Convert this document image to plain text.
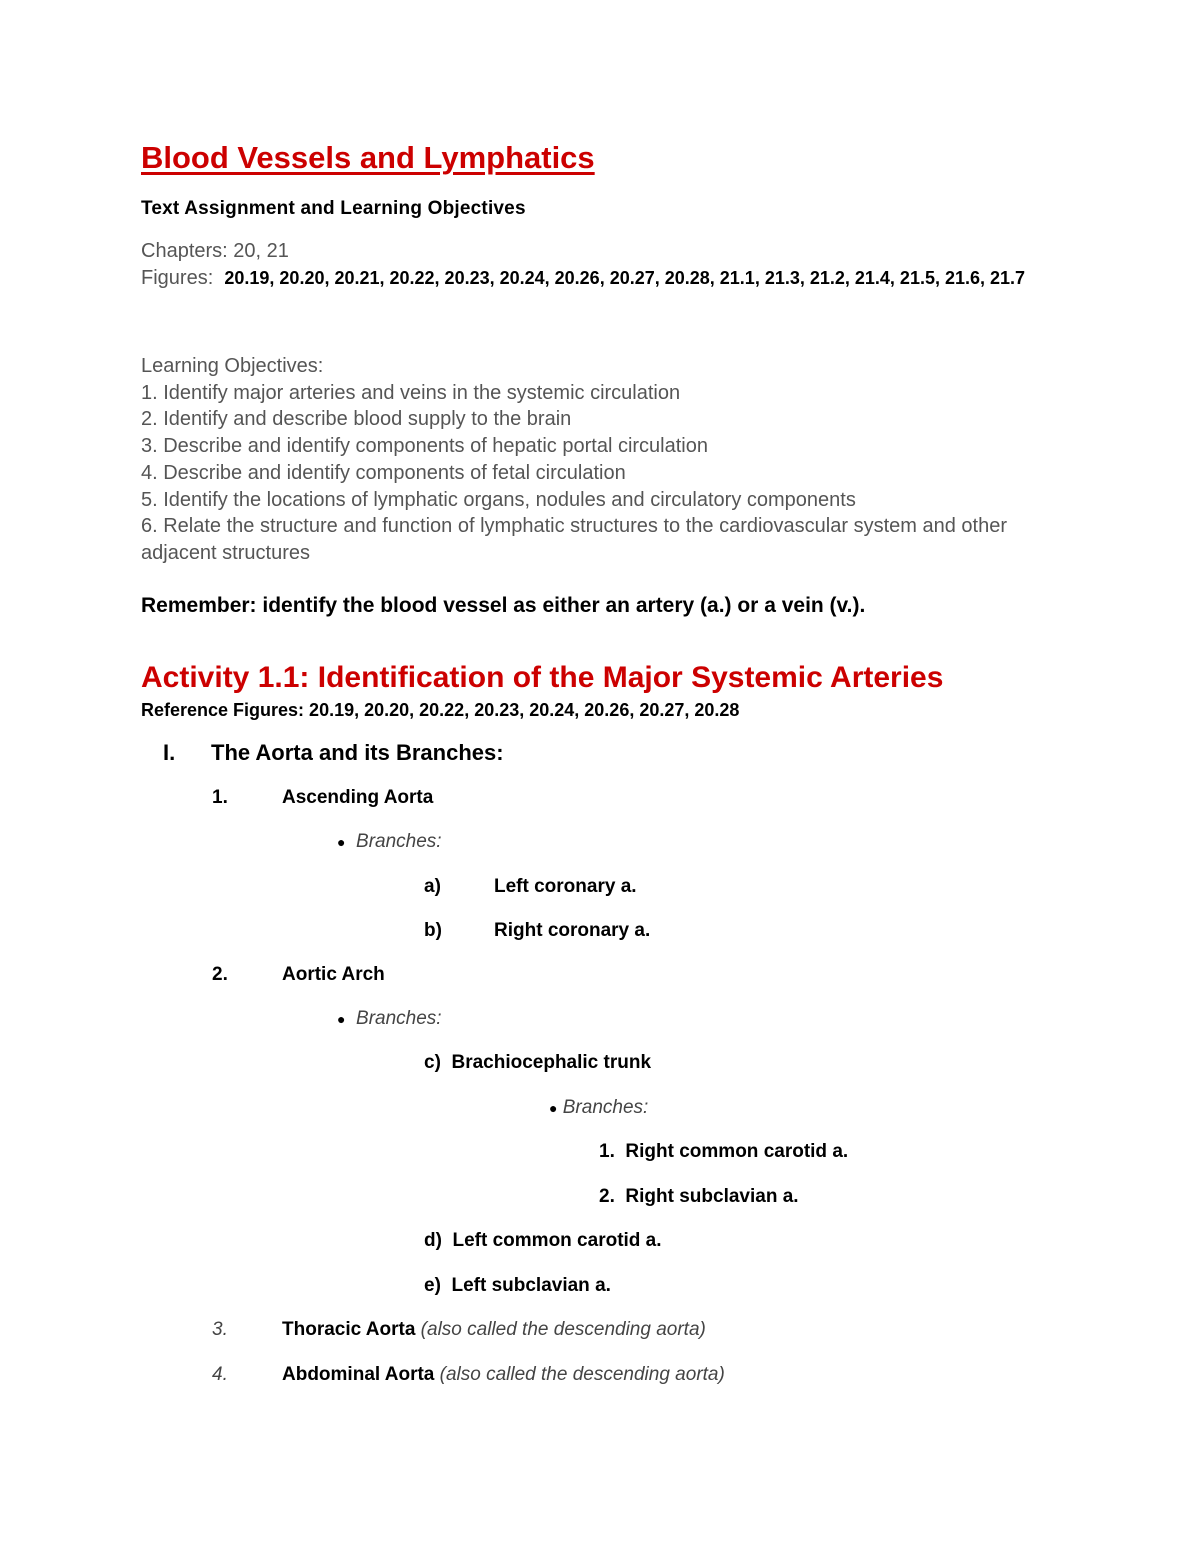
Blood Vessels and Lymphatics
Text Assignment and Learning Objectives
Chapters: 20, 21
Figures: 20.19, 20.20, 20.21, 20.22, 20.23, 20.24, 20.26, 20.27, 20.28, 21.1, 21.3, 21.2, 21.4, 21.5, 21.6, 21.7
Learning Objectives:
1. Identify major arteries and veins in the systemic circulation
2. Identify and describe blood supply to the brain
3. Describe and identify components of hepatic portal circulation
4. Describe and identify components of fetal circulation
5. Identify the locations of lymphatic organs, nodules and circulatory components
6. Relate the structure and function of lymphatic structures to the cardiovascular system and other adjacent structures
Remember: identify the blood vessel as either an artery (a.) or a vein (v.).
Activity 1.1: Identification of the Major Systemic Arteries
Reference Figures: 20.19, 20.20, 20.22, 20.23, 20.24, 20.26, 20.27, 20.28
I. The Aorta and its Branches:
1.	Ascending Aorta
● Branches:
a)	Left coronary a.
b)	Right coronary a.
2.	Aortic Arch
● Branches:
c) Brachiocephalic trunk
● Branches:
1. Right common carotid a.
2. Right subclavian a.
d) Left common carotid a.
e) Left subclavian a.
3.	Thoracic Aorta (also called the descending aorta)
4.	Abdominal Aorta (also called the descending aorta)
